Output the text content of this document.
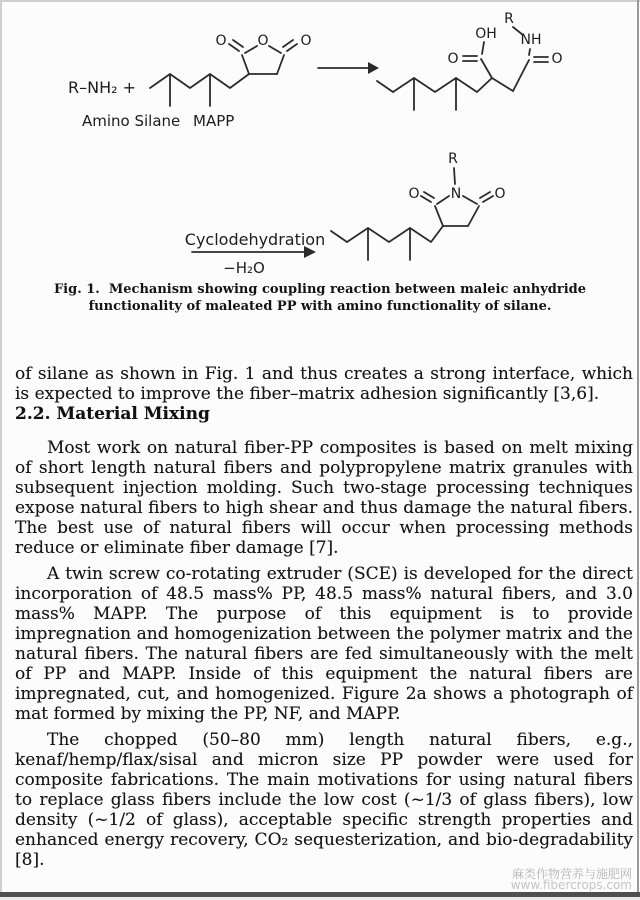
R–NH₂ +
O
O	O
Amino Silane MAPP
O
OH
O
NH
R
Cyclodehydration
−H₂O
N
O	O
R
Fig. 1.  Mechanism showing coupling reaction between maleic anhydride
functionality of maleated PP with amino functionality of silane.

of silane as shown in Fig. 1 and thus creates a strong interface, which is expected to improve the fiber–matrix adhesion significantly [3,6].

2.2. Material Mixing

Most work on natural fiber-PP composites is based on melt mixing of short length natural fibers and polypropylene matrix granules with subsequent injection molding. Such two-stage processing techniques expose natural fibers to high shear and thus damage the natural fibers. The best use of natural fibers will occur when processing methods reduce or eliminate fiber damage [7].

A twin screw co-rotating extruder (SCE) is developed for the direct incorporation of 48.5 mass% PP, 48.5 mass% natural fibers, and 3.0 mass% MAPP. The purpose of this equipment is to provide impregnation and homogenization between the polymer matrix and the natural fibers. The natural fibers are fed simultaneously with the melt of PP and MAPP. Inside of this equipment the natural fibers are impregnated, cut, and homogenized. Figure 2a shows a photograph of mat formed by mixing the PP, NF, and MAPP.

The chopped (50–80 mm) length natural fibers, e.g., kenaf/hemp/flax/sisal and micron size PP powder were used for composite fabrications. The main motivations for using natural fibers to replace glass fibers include the low cost (~1/3 of glass fibers), low density (~1/2 of glass), acceptable specific strength properties and enhanced energy recovery, CO₂ sequesterization, and bio-degradability [8].

麻类作物营养与施肥网
www.fibercrops.com
